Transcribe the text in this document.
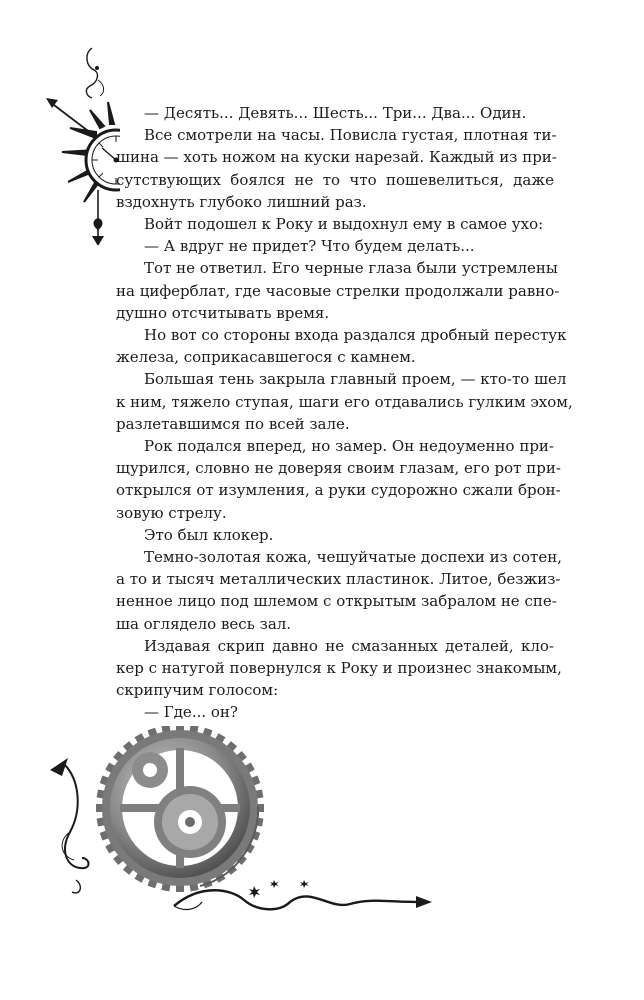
— Десять... Девять... Шесть... Три... Два... Один.
Все смотрели на часы. Повисла густая, плотная ти-
шина — хоть ножом на куски нарезай. Каждый из при-
сутствующих боялся не то что пошевелиться, даже
вздохнуть глубоко лишний раз.
Войт подошел к Року и выдохнул ему в самое ухо:
— А вдруг не придет? Что будем делать...
Тот не ответил. Его черные глаза были устремлены
на циферблат, где часовые стрелки продолжали равно-
душно отсчитывать время.
Но вот со стороны входа раздался дробный перестук
железа, соприкасавшегося с камнем.
Большая тень закрыла главный проем, — кто-то шел
к ним, тяжело ступая, шаги его отдавались гулким эхом,
разлетавшимся по всей зале.
Рок подался вперед, но замер. Он недоуменно при-
щурился, словно не доверяя своим глазам, его рот при-
открылся от изумления, а руки судорожно сжали брон-
зовую стрелу.
Это был клокер.
Темно-золотая кожа, чешуйчатые доспехи из сотен,
а то и тысяч металлических пластинок. Литое, безжиз-
ненное лицо под шлемом с открытым забралом не спе-
ша оглядело весь зал.
Издавая скрип давно не смазанных деталей, кло-
кер с натугой повернулся к Року и произнес знакомым,
скрипучим голосом:
— Где... он?
